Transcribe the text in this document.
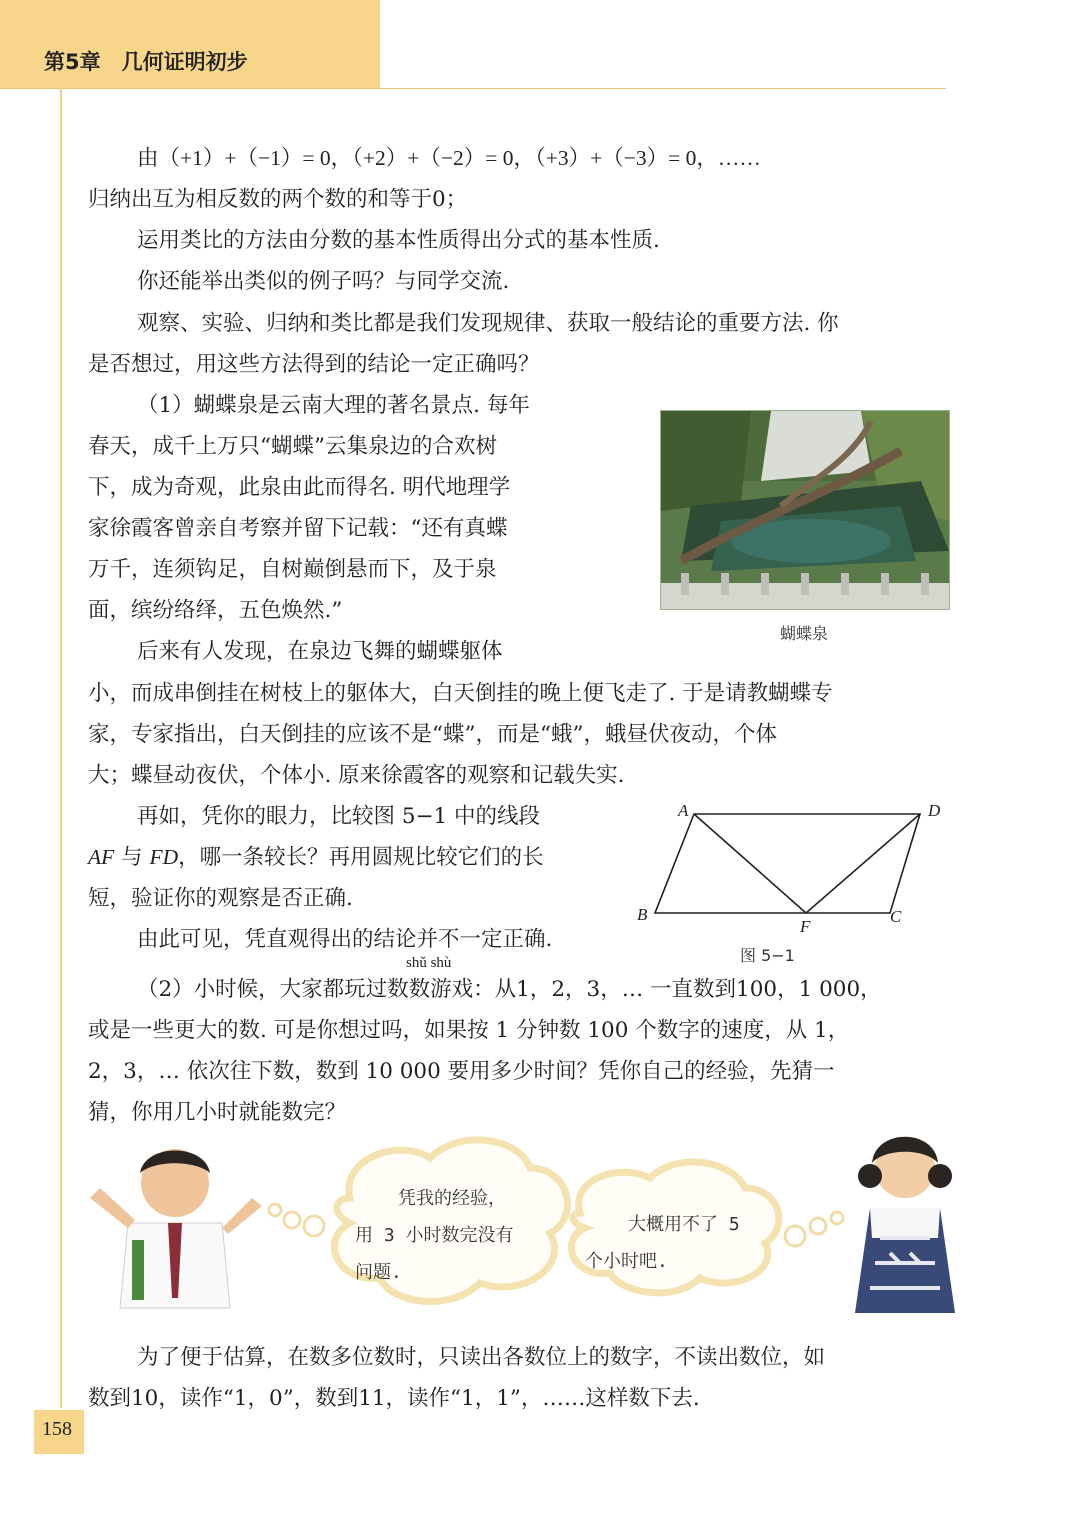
第5章　几何证明初步

由（+1）+（−1）= 0，（+2）+（−2）= 0，（+3）+（−3）= 0，……

归纳出互为相反数的两个数的和等于0；

运用类比的方法由分数的基本性质得出分式的基本性质.

你还能举出类似的例子吗？与同学交流.

观察、实验、归纳和类比都是我们发现规律、获取一般结论的重要方法. 你

是否想过，用这些方法得到的结论一定正确吗？

（1）蝴蝶泉是云南大理的著名景点. 每年

春天，成千上万只“蝴蝶”云集泉边的合欢树

下，成为奇观，此泉由此而得名. 明代地理学

家徐霞客曾亲自考察并留下记载：“还有真蝶

万千，连须钩足，自树巅倒悬而下，及于泉

面，缤纷络绎，五色焕然.”

后来有人发现，在泉边飞舞的蝴蝶躯体

小，而成串倒挂在树枝上的躯体大，白天倒挂的晚上便飞走了. 于是请教蝴蝶专

家，专家指出，白天倒挂的应该不是“蝶”，而是“蛾”，蛾昼伏夜动，个体

大；蝶昼动夜伏，个体小. 原来徐霞客的观察和记载失实.

再如，凭你的眼力，比较图 5−1 中的线段

AF 与 FD，哪一条较长？再用圆规比较它们的长

短，验证你的观察是否正确.

由此可见，凭直观得出的结论并不一定正确.

shǔ shù

（2）小时候，大家都玩过数数游戏：从1，2，3，… 一直数到100，1 000，

或是一些更大的数. 可是你想过吗，如果按 1 分钟数 100 个数字的速度，从 1，

2，3，… 依次往下数，数到 10 000 要用多少时间？凭你自己的经验，先猜一

猜，你用几小时就能数完？

蝴蝶泉
A	D
B
F
C
图 5−1
凭我的经验，
用 3 小时数完没有
问题.
大概用不了 5
个小时吧.

为了便于估算，在数多位数时，只读出各数位上的数字，不读出数位，如

数到10，读作“1，0”，数到11，读作“1，1”，……这样数下去.

158
